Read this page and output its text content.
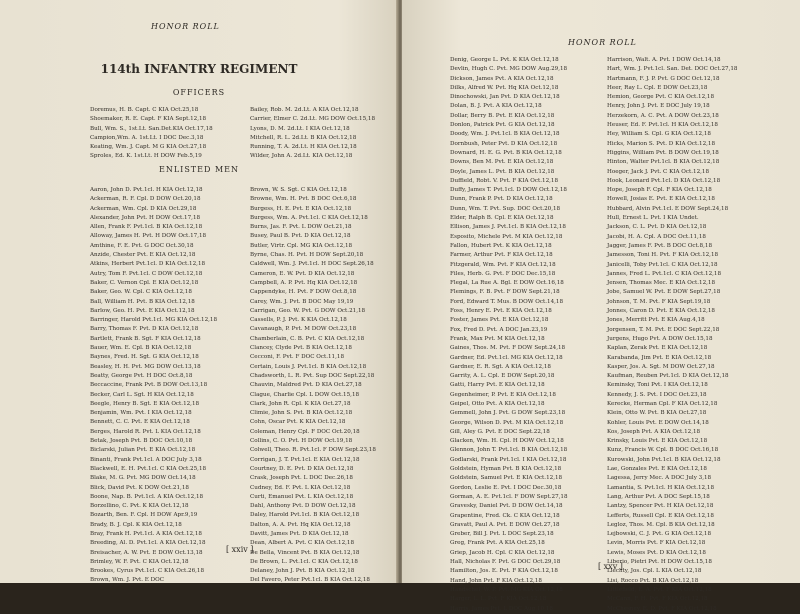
HONOR ROLL
114th INFANTRY REGIMENT
OFFICERS
Doremus, H. B. Capt. C KIA Oct.25,18
Shoemaker, R. E. Capt. F KIA Sept.12,18
Bull, Wm. S., 1st.Lt. San.Det.KIA Oct.17,18
Campion,Wm. A. 1st.Lt. I DOC Dec.3,18
Keating, Wm. J. Capt. M G KIA Oct.27,18
Sproles, Ed. K. 1st.Lt. H DOW Feb.5,19
Bailey, Rob. M. 2d.Lt. A KIA Oct.12,18
Carrier, Elmer C. 2d.Lt. MG DOW Oct.15,18
Lyons, D. M. 2d.Lt. I KIA Oct.12,18
Mitchell, R. L. 2d.Lt. B KIA Oct.12,18
Running, T. A. 2d.Lt. H KIA Oct.12,18
Wilder, John A. 2d.Lt. KIA Oct.12,18
ENLISTED MEN
Aaron, John D. Pvt.1cl. H KIA Oct.12,18
Ackerman, R. F. Cpl. D DOW Oct.20,18
Ackerman, Wm. Cpl. D KIA Oct.29,18
Alexander, John Pvt. H DOW Oct.17,18
Allen, Frank F. Pvt.1cl. B KIA Oct.12,18
Alloway, James H. Pvt. H DOW Oct.17,18
Amthine, F. E. Pvt. G DOC Oct.30,18
Anzide, Chester Pvt. E KIA Oct.12,18
Atkins, Herbert Pvt.1cl. D KIA Oct.12,18
Autry, Tom F. Pvt.1cl. C DOW Oct.12,18
Baker, C. Vernon Cpl. E KIA Oct.12,18
Baker, Geo. W. Cpl. C KIA Oct.12,18
Ball, William H. Pvt. B KIA Oct.12,18
Barlow, Geo. H. Pvt. E KIA Oct.12,18
Barringer, Harold Pvt.1cl. MG KIA Oct.12,18
Barry, Thomas F. Pvt. D KIA Oct.12,18
Bartlett, Frank B. Sgt. F KIA Oct.12,18
Bauer, Wm. E. Cpl. B KIA Oct.12,18
Baynes, Fred. H. Sgt. G KIA Oct.12,18
Beasley, H. H. Pvt. MG DOW Oct.13,18
Beatty, George Pvt. H DOC Oct.8,18
Beccaccine, Frank Pvt. B DOW Oct.13,18
Becker, Carl L. Sgt. H KIA Oct.12,18
Beegle, Henry B. Sgt. E KIA Oct.12,18
Benjamin, Wm. Pvt. I KIA Oct.12,18
Bennett, C. C. Pvt. E KIA Oct.12,18
Berges, Harold R. Pvt. L KIA Oct.12,18
Betak, Joseph Pvt. B DOC Oct.10,18
Biclarski, Julian Pvt. E KIA Oct.12,18
Binanti, Frank Pvt.1cl. A DOC July 3,18
Blackwell, E. H. Pvt.1cl. C KIA Oct.25,18
Blake, M. G. Pvt. MG DOW Oct.14,18
Blick, David Pvt. K DOW Oct.21,18
Boone, Nap. B. Pvt.1cl. A KIA Oct.12,18
Borzellino, C. Pvt. K KIA Oct.12,18
Bozarth, Ben. F. Cpl. H DOW Apr.9,19
Brady, B. J. Cpl. K KIA Oct.12,18
Bray, Frank H. Pvt.1cl. A KIA Oct.12,18
Breeding, Al. D. Pvt.1cl. A KIA Oct.12,18
Breisacher, A. W. Pvt. E DOW Oct.13,18
Brimley, W. F. Pvt. C KIA Oct.12,18
Brookes, Cyrus Pvt.1cl. C KIA Oct.26,18
Brown, Wm. J. Pvt. E DOC
Brown, W. S. Sgt. C KIA Oct.12,18
Browne, Wm. H. Pvt. B DOC Oct.6,18
Burgess, H. E. Pvt. E KIA Oct.12,18
Burgess, Wm. A. Pvt.1cl. C KIA Oct.12,18
Burns, Jas. F. Pvt. L DOW Oct.21,18
Busey, Paul B. Pvt. D KIA Oct.12,18
Butler, Virtr. Cpl. MG KIA Oct.12,18
Byrne, Chas. H. Pvt. H DOW Sept.20,18
Caldwell, Wm. J. Pvt.1cl. H DOC Sept.26,18
Cameron, E. W. Pvt. D KIA Oct.12,18
Campbell, A. P. Pvt. Hq KIA Oct.12,18
Cappendyke, H. Pvt. F DOW Oct.8,18
Carey, Wm. J. Pvt. B DOC May 19,19
Carrigan, Geo. W. Pvt. G DOW Oct.21,18
Cassells, P. J. Pvt. K KIA Oct.12,18
Cavanaugh, P. Pvt. M DOW Oct.23,18
Chamberlain, C. B. Pvt. C KIA Oct.12,18
Clancey, Clyde Pvt. B KIA Oct.12,18
Cecconi, F. Pvt. F DOC Oct.11,18
Certain, Louis J. Pvt.1cl. B KIA Oct.12,18
Chadsworth, L. R. Pvt. Sup DOC Sept.22,18
Chauvin, Maldred Pvt. D KIA Oct.27,18
Clague, Charlie Cpl. L DOW Oct.15,18
Clark, John R. Cpl. K KIA Oct.27,18
Climie, John S. Pvt. B KIA Oct.12,18
Cohn, Oscar Pvt. K KIA Oct.12,18
Coleman, Henry Cpl. F DOC Oct.20,18
Collins, C. O. Pvt. H DOW Oct.19,18
Colwell, Theo. R. Pvt.1cl. F DOW Sept.23,18
Corrigan, J. T. Pvt.1cl. E KIA Oct.12,18
Courtney, D. E. Pvt. D KIA Oct.12,18
Crask, Joseph Pvt. L DOC Dec.26,18
Cudney, Ed. F. Pvt. L KIA Oct.12,18
Curti, Emanuel Pvt. L KIA Oct.12,18
Dahl, Anthony Pvt. D DOW Oct.12,18
Daley, Harold Pvt.1cl. B KIA Oct.12,18
Dalton, A. A. Pvt. Hq KIA Oct.12,18
Davitt, James Pvt. D KIA Oct.12,18
Dean, Albert A. Pvt. C KIA Oct.12,18
De Bella, Vincent Pvt. B KIA Oct.12,18
De Brown, L. Pvt.1cl. C KIA Oct.12,18
Delaney, John J. Pvt. B KIA Oct.12,18
Del Favero, Peter Pvt.1cl. B KIA Oct.12,18
[ xxiv ]
HONOR ROLL
Denig, George L. Pvt. K KIA Oct.12,18
Devlin, Hugh C. Pvt. MG DOW Aug.29,18
Dickson, James Pvt. A KIA Oct.12,18
Dilks, Alfred W. Pvt. Hq KIA Oct.12,18
Dinochowski, Jan Pvt. D KIA Oct.12,18
Dolan, B. J. Pvt. A KIA Oct.12,18
Dollar, Berry B. Pvt. E KIA Oct.12,18
Donlon, Patrick Pvt. G KIA Oct.12,18
Doody, Wm. J. Pvt.1cl. B KIA Oct.12,18
Dornbush, Peter Pvt. D KIA Oct.12,18
Downard, H. E. G. Pvt. B KIA Oct.12,18
Downs, Ben M. Pvt. E KIA Oct.12,18
Doyle, James L. Pvt. B KIA Oct.12,18
Duffield, Robt. V. Pvt. F KIA Oct.12,18
Duffy, James T. Pvt.1cl. D DOW Oct.12,18
Dunn, Frank P. Pvt. D KIA Oct.12,18
Dunn, Wm. T. Pvt. Sup. DOC Oct.20,18
Elder, Ralph B. Cpl. E KIA Oct.12,18
Ellison, James J. Pvt.1cl. B KIA Oct.12,18
Esposito, Michele Pvt. M KIA Oct.12,18
Fallon, Hubert Pvt. K KIA Oct.12,18
Farmer, Arthur Pvt. F KIA Oct.12,18
Fitzgerald, Wm. Pvt. F KIA Oct.12,18
Files, Herb. G. Pvt. F DOC Dec.15,18
Flegal, La Rue A. Bgl. E DOW Oct.16,18
Flemings, F. B. Pvt. F DOW Sept.21,18
Ford, Edward T. Mus. B DOW Oct.14,18
Foss, Henry E. Pvt. E KIA Oct.12,18
Foster, James Pvt. E KIA Oct.12,18
Fox, Fred D. Pvt. A DOC Jan.23,19
Frank, Max Pvt. M KIA Oct.12,18
Gaines, Thos. M. Pvt. F DOW Sept.24,18
Gardner, Ed. Pvt.1cl. MG KIA Oct.12,18
Gardner, E. R. Sgt. A KIA Oct.12,18
Garrity, A. L. Cpl. E DOW Sept.20,18
Gatti, Harry Pvt. E KIA Oct.12,18
Gegenheimer, P. Pvt. E KIA Oct.12,18
Geipel, Otto Pvt. A KIA Oct.12,18
Gemmell, John J. Pvt. G DOW Sept.23,18
George, Wilson D. Pvt. M KIA Oct.12,18
Gill, Aley G. Pvt. E DOC Sept.22,18
Glacken, Wm. H. Cpl. H DOW Oct.12,18
Glennon, John T. Pvt.1cl. B KIA Oct.12,18
Godlarski, Frank Pvt.1cl. I KIA Oct.12,18
Goldstein, Hyman Pvt. B KIA Oct.12,18
Goldstein, Samuel Pvt. E KIA Oct.12,18
Gordon, Leslie E. Pvt. I DOC Dec.30,18
Gorman, A. E. Pvt.1cl. F DOW Sept.27,18
Gravesky, Daniel Pvt. D DOW Oct.14,18
Grapentine, Fred. Ck. C KIA Oct.12,18
Gravatt, Paul A. Pvt. E DOW Oct.27,18
Greber, Bill J. Pvt. L DOC Sept.23,18
Greg, Frank Pvt. A KIA Oct.25,18
Griep, Jacob H. Cpl. C KIA Oct.12,18
Hall, Nicholas F. Pvt. G DOC Oct.29,18
Hamilton, Jos. E. Pvt. F KIA Oct.12,18
Hand, John Pvt. F KIA Oct.12,18
Handschel, W. P. Pvt. MG KIA Oct.12,18
Harger, L. L. Pvt. F KIA Oct.12,18
Harris, James Pvt. L DOC Aug.10,18
Harrison, Walt. A. Pvt. I DOW Oct.14,18
Hart, Wm. J. Pvt.1cl. San. Det. DOC Oct.27,18
Hartmann, F. J. P. Pvt. G DOC Oct.12,18
Heer, Ray L. Cpl. E DOW Oct.23,18
Hemion, George Pvt. C KIA Oct.12,18
Henry, John J. Pvt. E DOC July 19,18
Herzekorn, A. C. Pvt. A DOW Oct.23,18
Heuser, Ed. F. Pvt.1cl. H KIA Oct.12,18
Hey, William S. Cpl. G KIA Oct.12,18
Hicks, Marion S. Pvt. D KIA Oct.12,18
Higgins, William Pvt. B DOW Oct.19,18
Hinton, Walter Pvt.1cl. B KIA Oct.12,18
Hoeger, Jack J. Pvt. C KIA Oct.12,18
Hook, Leonard Pvt.1cl. D KIA Oct.12,18
Hope, Joseph F. Cpl. F KIA Oct.12,18
Howell, Josias E. Pvt. E KIA Oct.12,18
Hubbard, Alvin Pvt.1cl. E DOW Sept.24,18
Hull, Ernest L. Pvt. I KIA Undet.
Jackson, C. L. Pvt. D KIA Oct.12,18
Jacobi, H. A. Cpl. A DOC Oct.11,18
Jagger, James F. Pvt. B DOC Oct.8,18
Jamesson, Toni H. Pvt. F KIA Oct.12,18
Janicelli, Toby Pvt.1cl. C KIA Oct.12,18
Jannes, Fred L. Pvt.1cl. C KIA Oct.12,18
Jensen, Thomas Mec. E KIA Oct.12,18
Jobe, Samuel W. Pvt. E DOW Sept.27,18
Johnson, T. M. Pvt. F KIA Sept.19,18
Jonnes, Caron D. Pvt. E KIA Oct.12,18
Jones, Merritt Pvt. E KIA Aug.4,18
Jorgensen, T. M. Pvt. E DOC Sept.22,18
Jurgens, Hugo Pvt. A DOW Oct.15,18
Kaplan, Zerak Pvt. E KIA Oct.12,18
Karabanda, Jim Pvt. E KIA Oct.12,18
Kasper, Jos. A. Sgt. M DOW Oct.27,18
Kaufman, Reuben Pvt.1cl. D KIA Oct.12,18
Keminsky, Toni Pvt. I KIA Oct.12,18
Kennedy, J. S. Pvt. I DOC Oct.23,18
Kerecke, Herman Cpl. F KIA Oct.12,18
Klein, Otto W. Pvt. B KIA Oct.27,18
Kohler, Louis Pvt. E DOW Oct.14,18
Kos, Joseph Pvt. A KIA Oct.12,18
Krinsky, Louis Pvt. E KIA Oct.12,18
Kunz, Francis W. Cpl. B DOC Oct.16,18
Kurowski, John Pvt.1cl. B KIA Oct.12,18
Lae, Gonzales Pvt. E KIA Oct.12,18
Lagessa, Jerry Mec. A DOC July 3,18
Lamantia, S. Pvt.1cl. H KIA Oct.12,18
Lang, Arthur Pvt. A DOC Sept.15,18
Lantzy, Spencer Pvt. H KIA Oct.12,18
Lefferts, Russell Cpl. E KIA Oct.12,18
Legloz, Thos. M. Cpl. B KIA Oct.12,18
Lejbowski, C. J. Pvt. G KIA Oct.12,18
Levin, Morris Pvt. F KIA Oct.12,18
Lewis, Moses Pvt. D KIA Oct.12,18
Liberio, Pietri Pvt. H DOW Oct.15,18
Liechty, Jos. Cpl. L KIA Oct.12,18
Lisi, Rocco Pvt. B KIA Oct.12,18
Littlefield, E. A. Pvt. F KIA Oct.12,18
McCann, F. H. Pvt. F KIA Oct.12,18
McChesney, E. D. Pvt. F KIA Oct.12,18
[ xxv ]
